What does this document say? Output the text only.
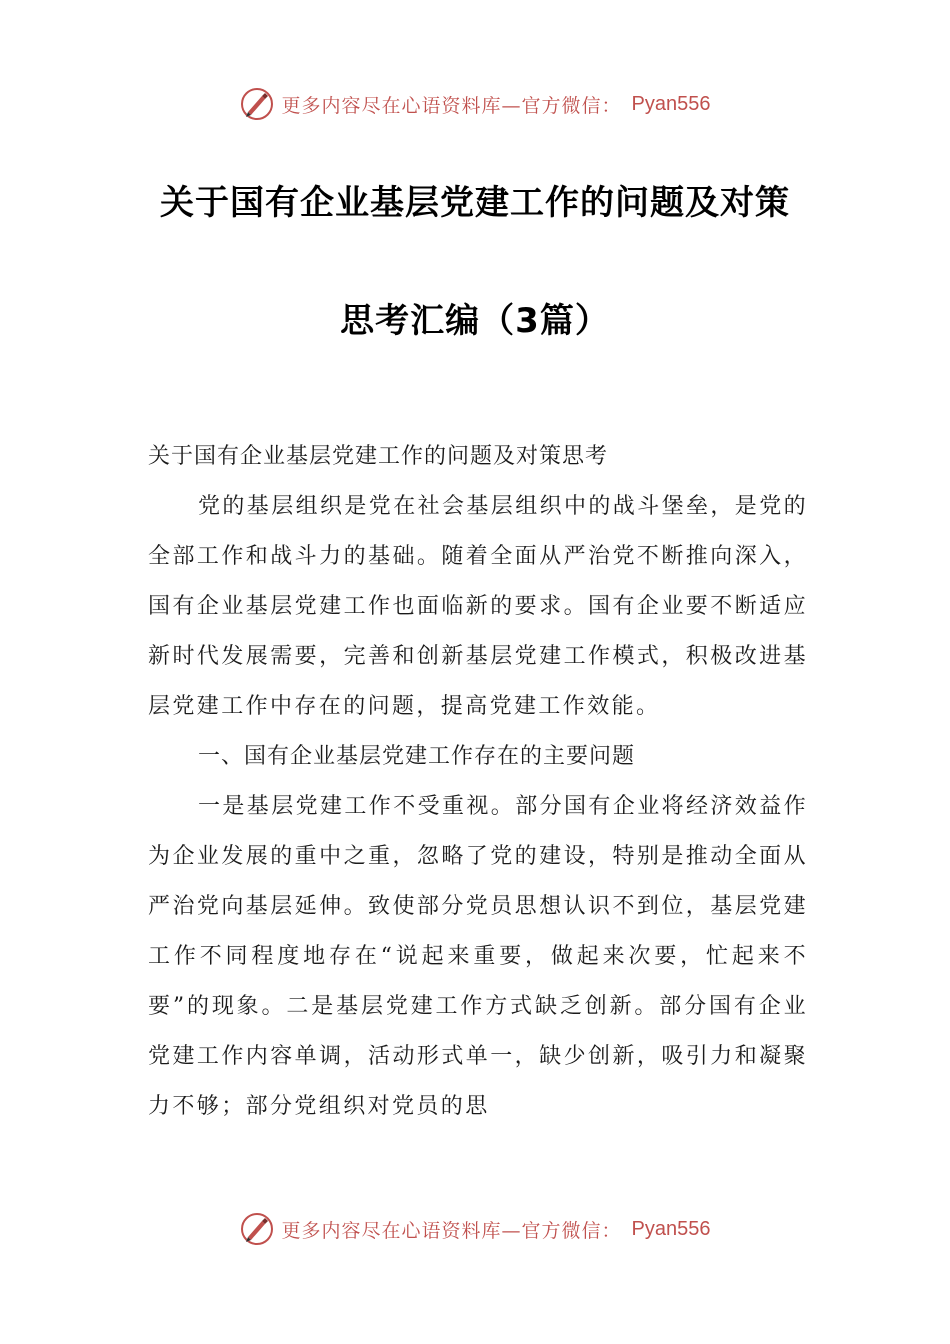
更多内容尽在心语资料库—官方微信： Pyan556
关于国有企业基层党建工作的问题及对策
思考汇编（3篇）

关于国有企业基层党建工作的问题及对策思考

党的基层组织是党在社会基层组织中的战斗堡垒，是党的全部工作和战斗力的基础。随着全面从严治党不断推向深入，国有企业基层党建工作也面临新的要求。国有企业要不断适应新时代发展需要，完善和创新基层党建工作模式，积极改进基层党建工作中存在的问题，提高党建工作效能。

一、国有企业基层党建工作存在的主要问题

一是基层党建工作不受重视。部分国有企业将经济效益作为企业发展的重中之重，忽略了党的建设，特别是推动全面从严治党向基层延伸。致使部分党员思想认识不到位，基层党建工作不同程度地存在“说起来重要，做起来次要，忙起来不要”的现象。二是基层党建工作方式缺乏创新。部分国有企业党建工作内容单调，活动形式单一，缺少创新，吸引力和凝聚力不够；部分党组织对党员的思

更多内容尽在心语资料库—官方微信： Pyan556
